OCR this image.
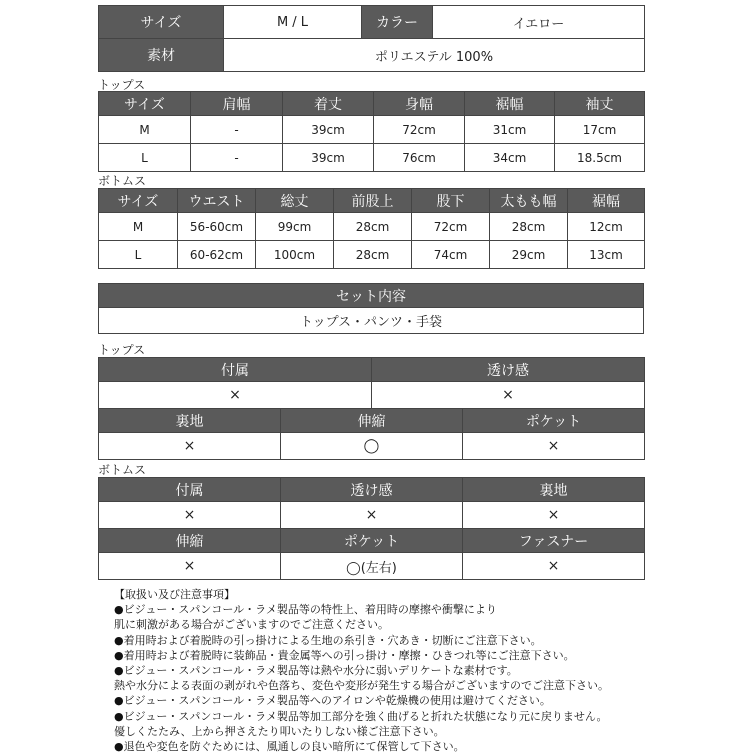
サイズ	M / L	カラー	イエロー
素材	ポリエステル 100%		
トップス
サイズ	肩幅	着丈	身幅	裾幅	袖丈
M	-	39cm	72cm	31cm	17cm
L	-	39cm	76cm	34cm	18.5cm
ボトムス
サイズ	ウエスト	総丈	前股上	股下	太もも幅	裾幅
M	56-60cm	99cm	28cm	72cm	28cm	12cm
L	60-62cm	100cm	28cm	74cm	29cm	13cm
セット内容
トップス・パンツ・手袋
トップス
付属		透け感	
×		×	
裏地	伸縮		ポケット
×	◯		×
ボトムス
付属	透け感	裏地
×	×	×
伸縮	ポケット	ファスナー
×	◯(左右)	×
【取扱い及び注意事項】
●ビジュー・スパンコール・ラメ製品等の特性上、着用時の摩擦や衝撃により
肌に刺激がある場合がございますのでご注意ください。
●着用時および着脱時の引っ掛けによる生地の糸引き・穴あき・切断にご注意下さい。
●着用時および着脱時に装飾品・貴金属等への引っ掛け・摩擦・ひきつれ等にご注意下さい。
●ビジュー・スパンコール・ラメ製品等は熱や水分に弱いデリケートな素材です。
熱や水分による表面の剥がれや色落ち、変色や変形が発生する場合がございますのでご注意下さい。
●ビジュー・スパンコール・ラメ製品等へのアイロンや乾燥機の使用は避けてください。
●ビジュー・スパンコール・ラメ製品等加工部分を強く曲げると折れた状態になり元に戻りません。
優しくたたみ、上から押さえたり叩いたりしない様ご注意下さい。
●退色や変色を防ぐためには、風通しの良い暗所にて保管して下さい。
